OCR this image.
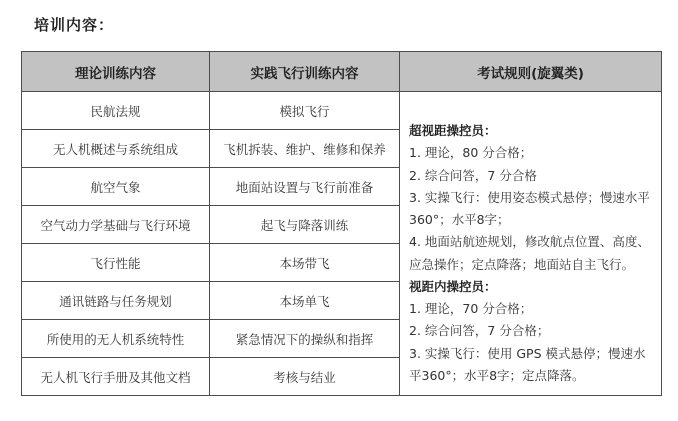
培训内容：
理论训练内容	实践飞行训练内容	考试规则(旋翼类)
民航法规	模拟飞行	
超视距操控员：
1. 理论，80 分合格；
2. 综合问答，7 分合格
3. 实操飞行：使用姿态模式悬停；慢速水平360°；水平8字；
4. 地面站航迹规划，修改航点位置、高度、应急操作；定点降落；地面站自主飞行。
视距内操控员：
1. 理论，70 分合格；
2. 综合问答，7 分合格；
3. 实操飞行：使用 GPS 模式悬停；慢速水平360°；水平8字；定点降落。

无人机概述与系统组成	飞机拆装、维护、维修和保养	
航空气象	地面站设置与飞行前准备	
空气动力学基础与飞行环境	起飞与降落训练	
飞行性能	本场带飞	
通讯链路与任务规划	本场单飞	
所使用的无人机系统特性	紧急情况下的操纵和指挥	
无人机飞行手册及其他文档	考核与结业	
